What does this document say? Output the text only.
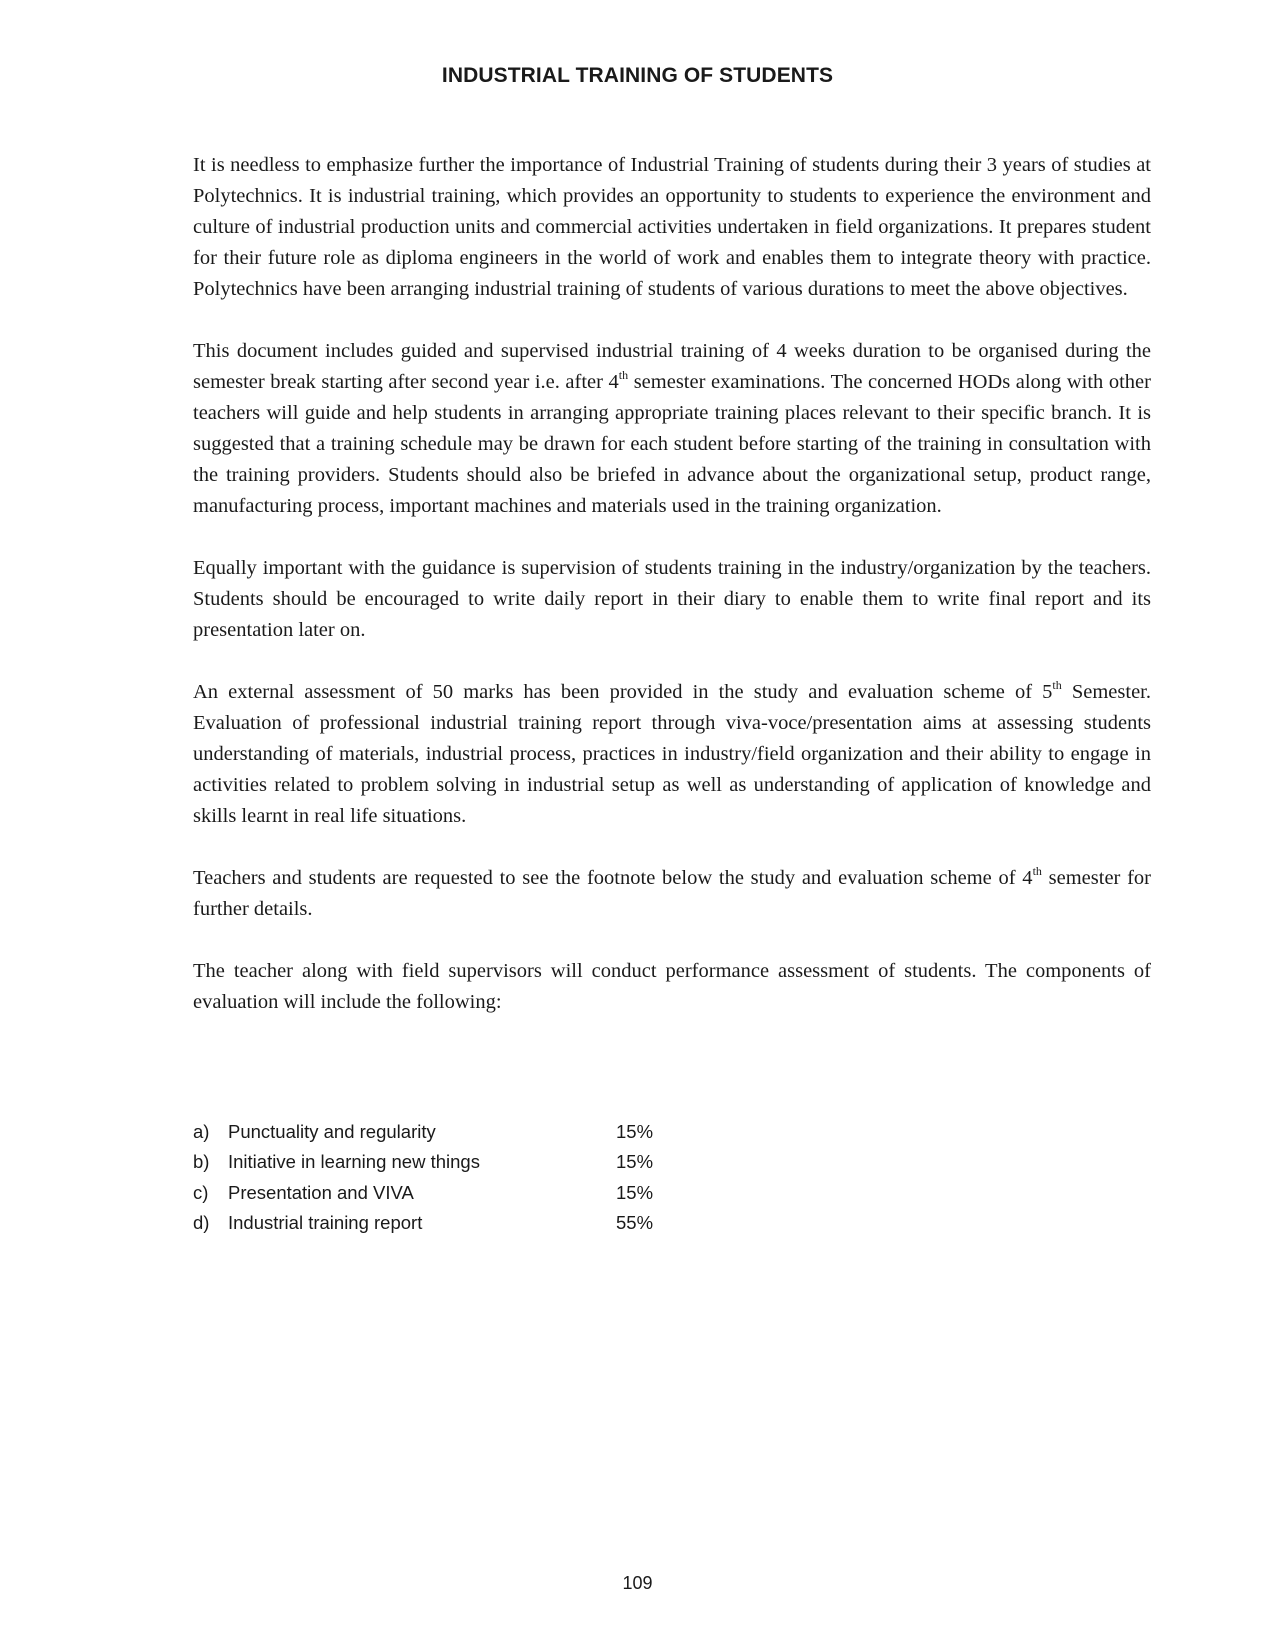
INDUSTRIAL TRAINING OF STUDENTS

It is needless to emphasize further the importance of Industrial Training of students during their 3 years of studies at Polytechnics. It is industrial training, which provides an opportunity to students to experience the environment and culture of industrial production units and commercial activities undertaken in field organizations. It prepares student for their future role as diploma engineers in the world of work and enables them to integrate theory with practice. Polytechnics have been arranging industrial training of students of various durations to meet the above objectives.

This document includes guided and supervised industrial training of 4 weeks duration to be organised during the semester break starting after second year i.e. after 4th semester examinations. The concerned HODs along with other teachers will guide and help students in arranging appropriate training places relevant to their specific branch. It is suggested that a training schedule may be drawn for each student before starting of the training in consultation with the training providers. Students should also be briefed in advance about the organizational setup, product range, manufacturing process, important machines and materials used in the training organization.

Equally important with the guidance is supervision of students training in the industry/organization by the teachers. Students should be encouraged to write daily report in their diary to enable them to write final report and its presentation later on.

An external assessment of 50 marks has been provided in the study and evaluation scheme of 5th Semester. Evaluation of professional industrial training report through viva-voce/presentation aims at assessing students understanding of materials, industrial process, practices in industry/field organization and their ability to engage in activities related to problem solving in industrial setup as well as understanding of application of knowledge and skills learnt in real life situations.

Teachers and students are requested to see the footnote below the study and evaluation scheme of 4th semester for further details.

The teacher along with field supervisors will conduct performance assessment of students. The components of evaluation will include the following:

a) Punctuality and regularity	15%
b) Initiative in learning new things	15%
c) Presentation and VIVA	15%
d) Industrial training report	55%
109
